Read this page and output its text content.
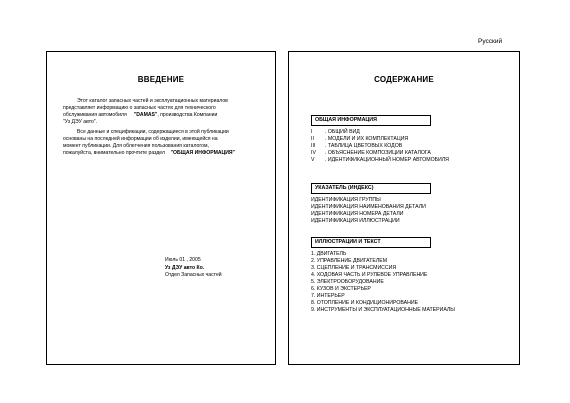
Русский
ВВЕДЕНИЕ

Этот каталог запасных частей и эксплуатационных материалов
представляет информацию о запасных частях для технического
обслуживания автомобиля "DAMAS", производства Компании
"Уз ДЭУ авто".

Все данные и спецификации, содержащиеся в этой публикации
основаны на последней информации об изделии, имеющейся на
момент публикации. Для облегчения пользования каталогом,
пожалуйста, внимательно прочтите раздел "ОБЩАЯ ИНФОРМАЦИЯ"

Июль 01 , 2005
Уз ДЭУ авто Ко.
Отдел Запасных частей
СОДЕРЖАНИЕ
ОБЩАЯ ИНФОРМАЦИЯ
I . ОБЩИЙ ВИД
II . МОДЕЛИ И ИХ КОМПЛЕКТАЦИЯ
III . ТАБЛИЦА ЦВЕТОВЫХ КОДОВ
IV . ОБЪЯСНЕНИЕ КОМПОЗИЦИИ КАТАЛОГА
V . ИДЕНТИФИКАЦИОННЫЙ НОМЕР АВТОМОБИЛЯ
УКАЗАТЕЛЬ (ИНДЕКС)
ИДЕНТИФИКАЦИЯ ГРУППЫ
ИДЕНТИФИКАЦИЯ НАИМЕНОВАНИЯ ДЕТАЛИ
ИДЕНТИФИКАЦИЯ НОМЕРА ДЕТАЛИ
ИДЕНТИФИКАЦИЯ ИЛЛЮСТРАЦИИ
ИЛЛЮСТРАЦИИ И ТЕКСТ
1. ДВИГАТЕЛЬ
2. УПРАВЛЕНИЕ ДВИГАТЕЛЕМ
3. СЦЕПЛЕНИЕ И ТРАНСМИССИЯ
4. ХОДОВАЯ ЧАСТЬ И РУЛЕВОЕ УПРАВЛЕНИЕ
5. ЭЛЕКТРООБОРУДОВАНИЕ
6. КУЗОВ И ЭКСТЕРЬЕР
7. ИНТЕРЬЕР
8. ОТОПЛЕНИЕ И КОНДИЦИОНИРОВАНИЕ
9. ИНСТРУМЕНТЫ И ЭКСПЛУАТАЦИОННЫЕ МАТЕРИАЛЫ
